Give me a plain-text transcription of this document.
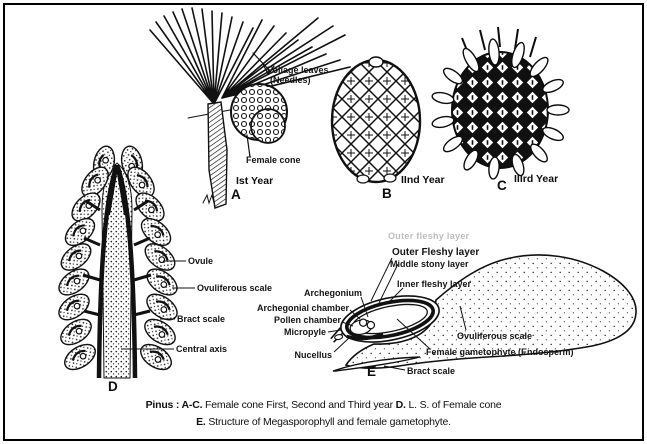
Foliage leaves
(Needles)
Female cone
Ist Year
A
IInd Year
B
IIIrd Year
C
Ovule
Ovuliferous scale
Bract scale
Central axis
D
Outer fleshy layer
Outer Fleshy layer
Middle stony layer
Inner fleshy layer
Archegonium
Archegonial chamber
Pollen chamber
Micropyle
Nucellus
Ovuliferous scale
Female gametophyte (Endosperm)
Bract scale
E
Pinus : A-C. Female cone First, Second and Third year D. L. S. of Female cone
E. Structure of Megasporophyll and female gametophyte.
